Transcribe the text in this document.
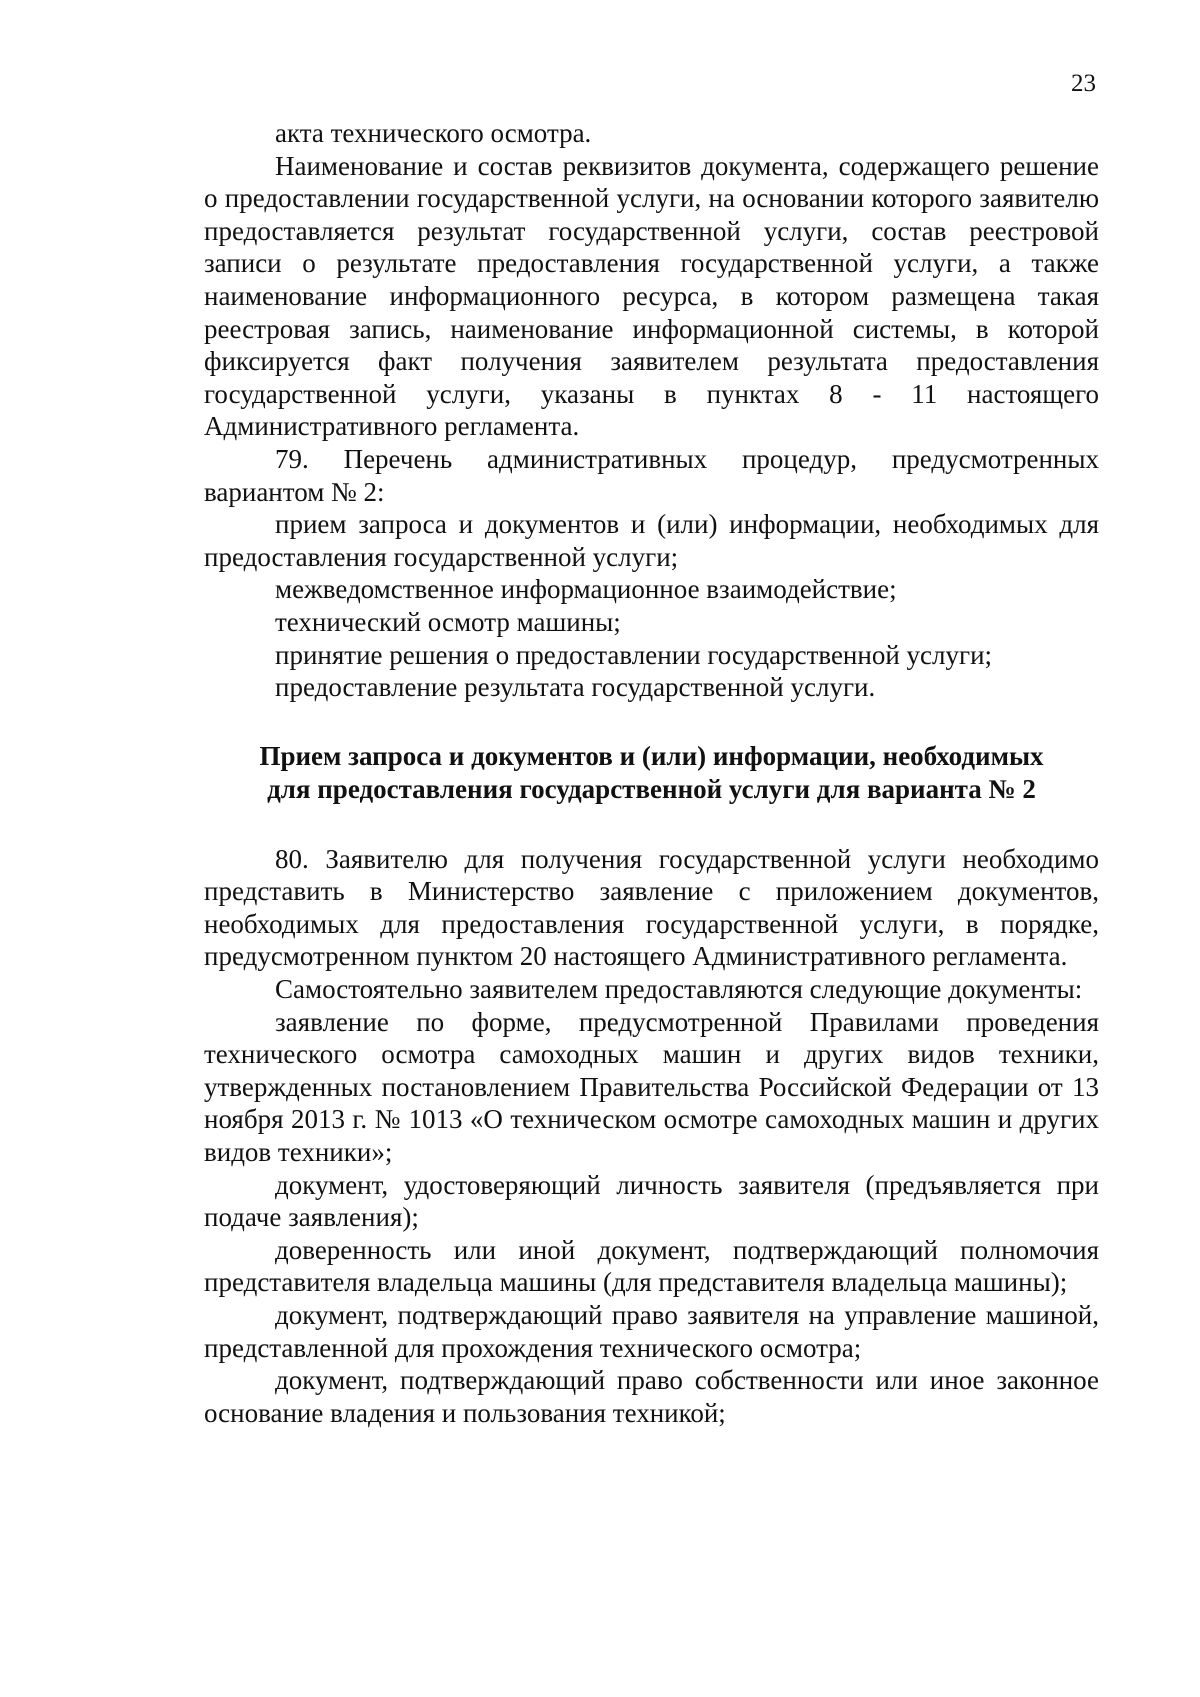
23

акта технического осмотра.

Наименование и состав реквизитов документа, содержащего решение о предоставлении государственной услуги, на основании которого заявителю предоставляется результат государственной услуги, состав реестровой записи о результате предоставления государственной услуги, а также наименование информационного ресурса, в котором размещена такая реестровая запись, наименование информационной системы, в которой фиксируется факт получения заявителем результата предоставления государственной услуги, указаны в пунктах 8 - 11 настоящего Административного регламента.

79. Перечень административных процедур, предусмотренных вариантом № 2:

прием запроса и документов и (или) информации, необходимых для предоставления государственной услуги;

межведомственное информационное взаимодействие;

технический осмотр машины;

принятие решения о предоставлении государственной услуги;

предоставление результата государственной услуги.

Прием запроса и документов и (или) информации, необходимых
для предоставления государственной услуги для варианта № 2

80. Заявителю для получения государственной услуги необходимо представить в Министерство заявление с приложением документов, необходимых для предоставления государственной услуги, в порядке, предусмотренном пунктом 20 настоящего Административного регламента.

Самостоятельно заявителем предоставляются следующие документы:

заявление по форме, предусмотренной Правилами проведения технического осмотра самоходных машин и других видов техники, утвержденных постановлением Правительства Российской Федерации от 13 ноября 2013 г. № 1013 «О техническом осмотре самоходных машин и других видов техники»;

документ, удостоверяющий личность заявителя (предъявляется при подаче заявления);

доверенность или иной документ, подтверждающий полномочия представителя владельца машины (для представителя владельца машины);

документ, подтверждающий право заявителя на управление машиной, представленной для прохождения технического осмотра;

документ, подтверждающий право собственности или иное законное основание владения и пользования техникой;
